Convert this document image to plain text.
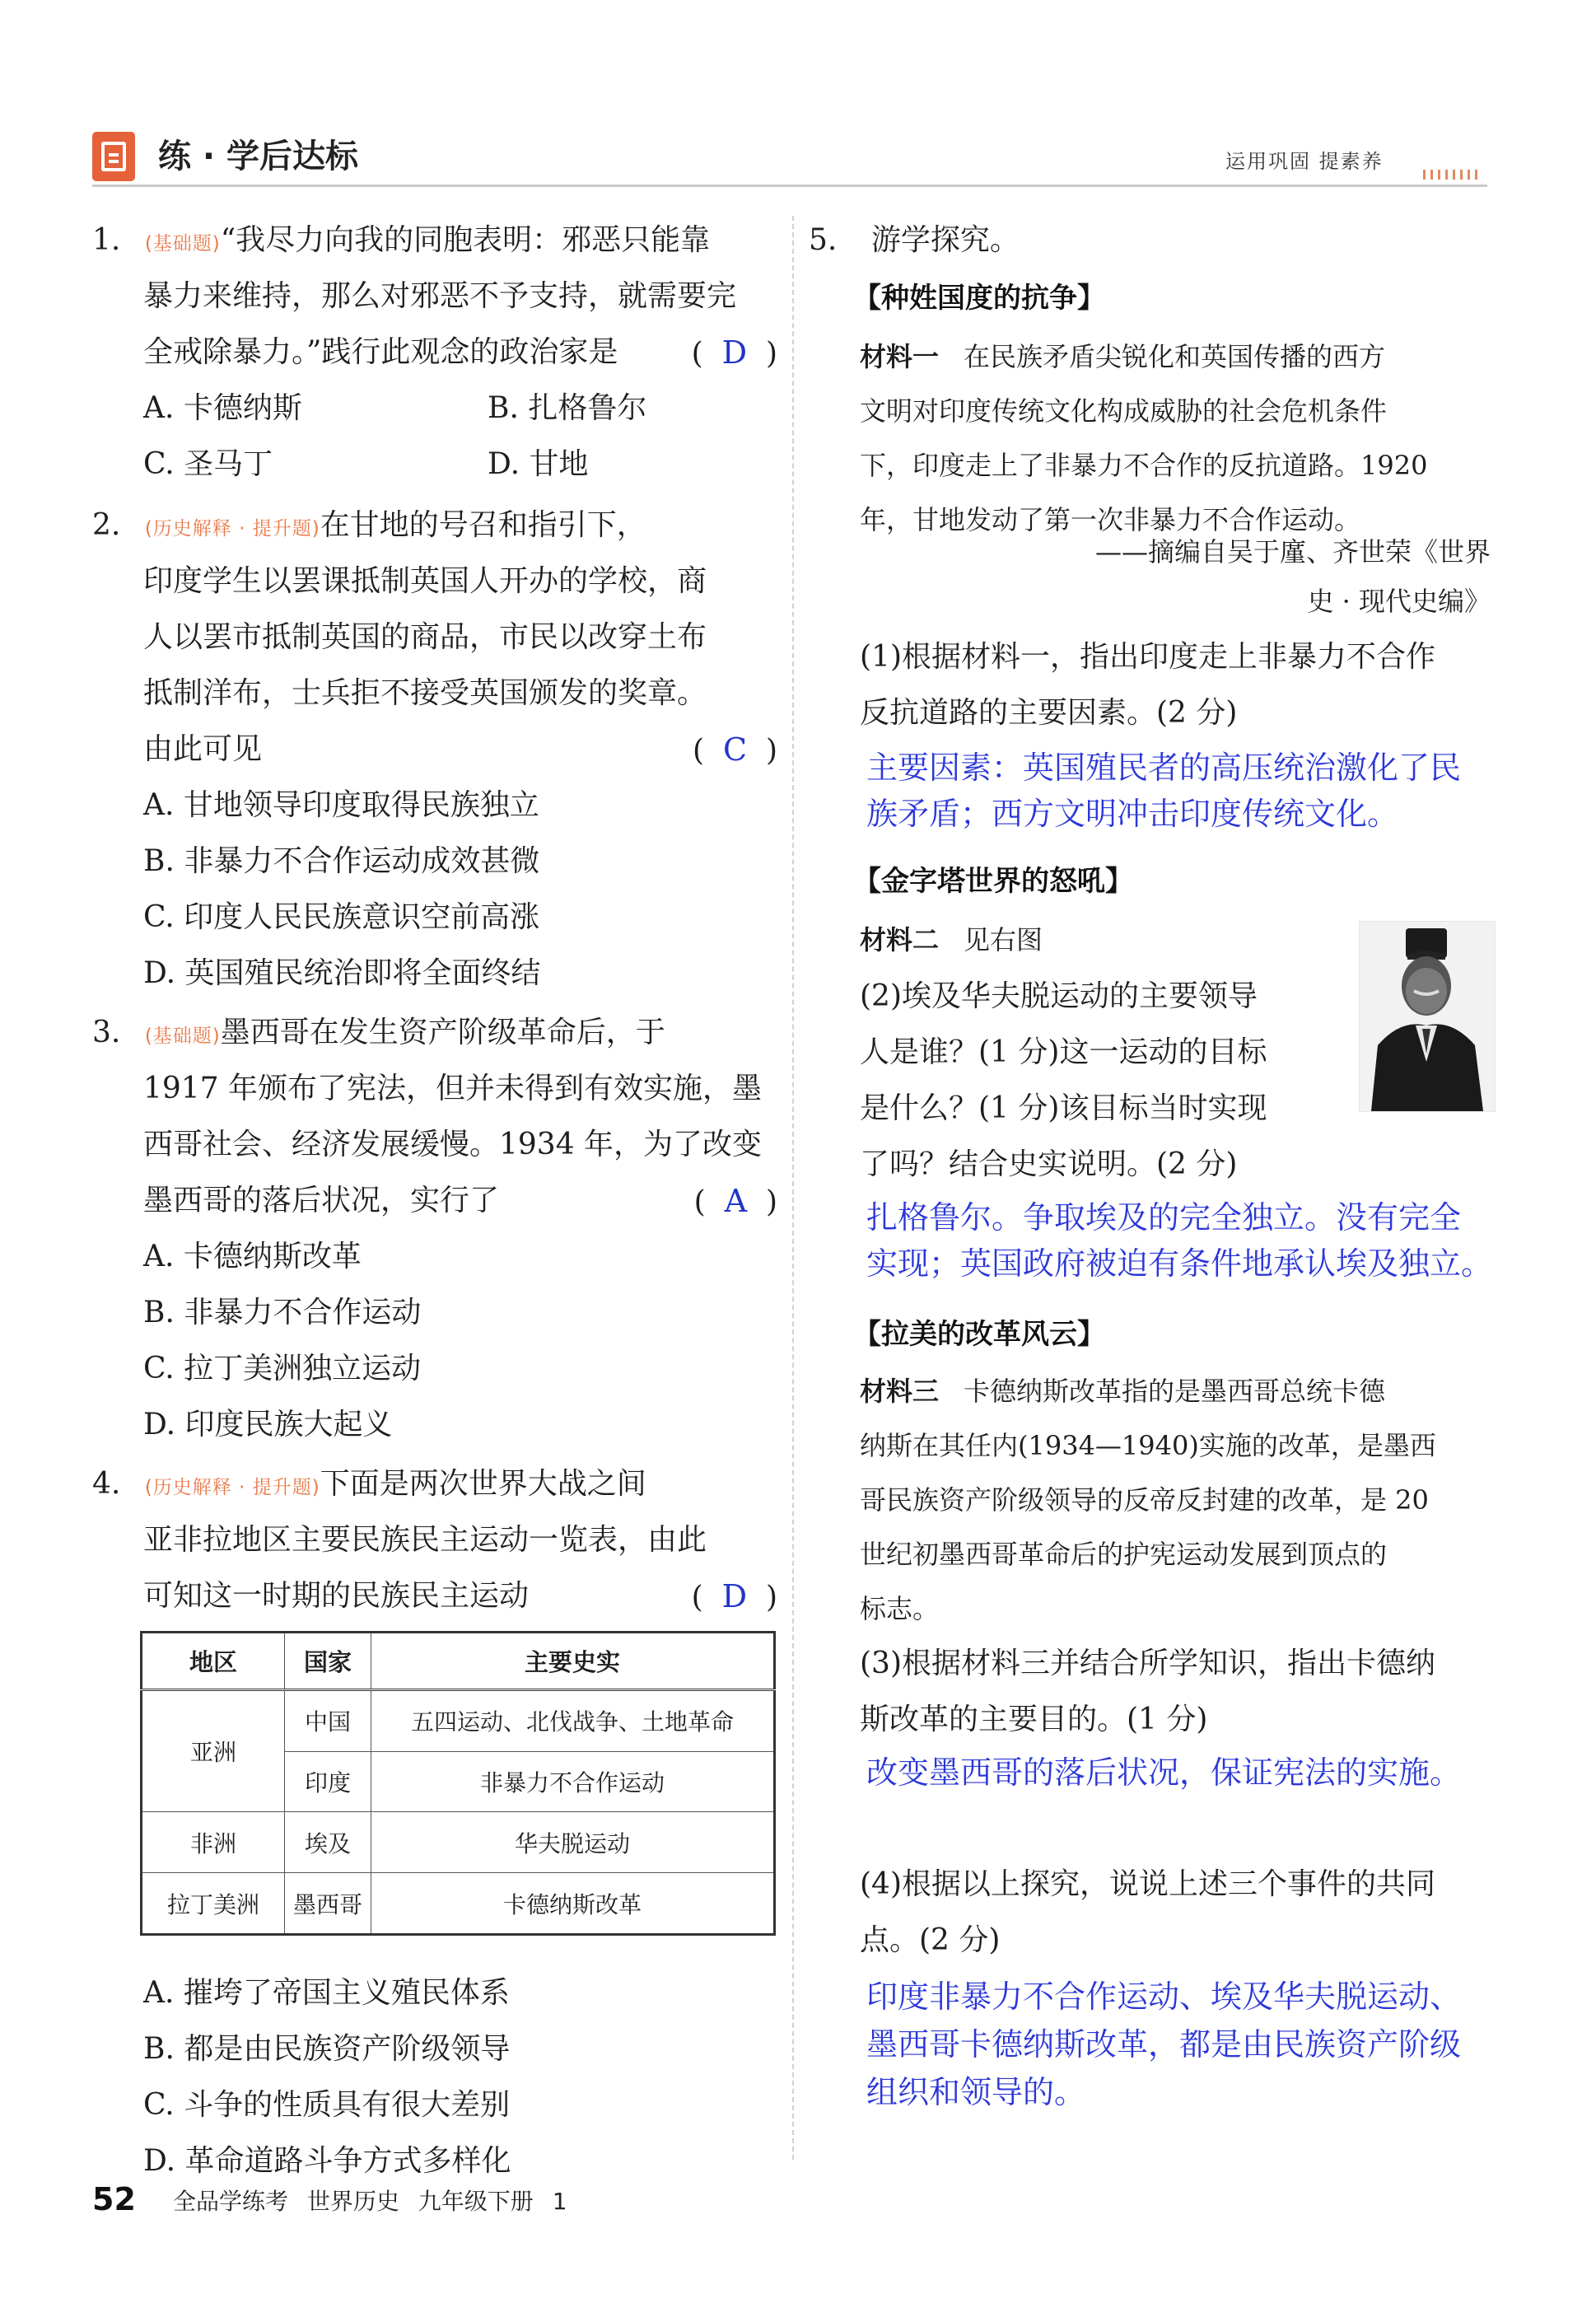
练 · 学后达标	运用巩固 提素养
1. (基础题)“我尽力向我的同胞表明：邪恶只能靠
暴力来维持，那么对邪恶不予支持，就需要完
全戒除暴力。”践行此观念的政治家是 (  D  )
A. 卡德纳斯	B. 扎格鲁尔
C. 圣马丁	D. 甘地
2. (历史解释 · 提升题)在甘地的号召和指引下，
印度学生以罢课抵制英国人开办的学校，商
人以罢市抵制英国的商品，市民以改穿土布
抵制洋布，士兵拒不接受英国颁发的奖章。
由此可见	(  C  )
A. 甘地领导印度取得民族独立
B. 非暴力不合作运动成效甚微
C. 印度人民民族意识空前高涨
D. 英国殖民统治即将全面终结
3. (基础题)墨西哥在发生资产阶级革命后，于
1917 年颁布了宪法，但并未得到有效实施，墨
西哥社会、经济发展缓慢。1934 年，为了改变
墨西哥的落后状况，实行了	(  A  )
A. 卡德纳斯改革
B. 非暴力不合作运动
C. 拉丁美洲独立运动
D. 印度民族大起义
4. (历史解释 · 提升题)下面是两次世界大战之间
亚非拉地区主要民族民主运动一览表，由此
可知这一时期的民族民主运动	(  D  )
地区	国家	主要史实
亚洲	中国	五四运动、北伐战争、土地革命
	印度	非暴力不合作运动
非洲	埃及	华夫脱运动
拉丁美洲	墨西哥	卡德纳斯改革
A. 摧垮了帝国主义殖民体系
B. 都是由民族资产阶级领导
C. 斗争的性质具有很大差别
D. 革命道路斗争方式多样化
5. 游学探究。
【种姓国度的抗争】
材料一 在民族矛盾尖锐化和英国传播的西方
文明对印度传统文化构成威胁的社会危机条件
下，印度走上了非暴力不合作的反抗道路。1920
年，甘地发动了第一次非暴力不合作运动。
——摘编自吴于廑、齐世荣《世界
史 · 现代史编》
(1)根据材料一，指出印度走上非暴力不合作
反抗道路的主要因素。(2 分)
主要因素：英国殖民者的高压统治激化了民
族矛盾；西方文明冲击印度传统文化。
【金字塔世界的怒吼】
材料二 见右图
(2)埃及华夫脱运动的主要领导
人是谁？(1 分)这一运动的目标
是什么？(1 分)该目标当时实现
了吗？结合史实说明。(2 分)
扎格鲁尔。争取埃及的完全独立。没有完全
实现；英国政府被迫有条件地承认埃及独立。
【拉美的改革风云】
材料三 卡德纳斯改革指的是墨西哥总统卡德
纳斯在其任内(1934—1940)实施的改革，是墨西
哥民族资产阶级领导的反帝反封建的改革，是 20
世纪初墨西哥革命后的护宪运动发展到顶点的
标志。
(3)根据材料三并结合所学知识，指出卡德纳
斯改革的主要目的。(1 分)
改变墨西哥的落后状况，保证宪法的实施。
(4)根据以上探究，说说上述三个事件的共同
点。(2 分)
印度非暴力不合作运动、埃及华夫脱运动、
墨西哥卡德纳斯改革，都是由民族资产阶级
组织和领导的。
52 全品学练考 世界历史 九年级下册 1
